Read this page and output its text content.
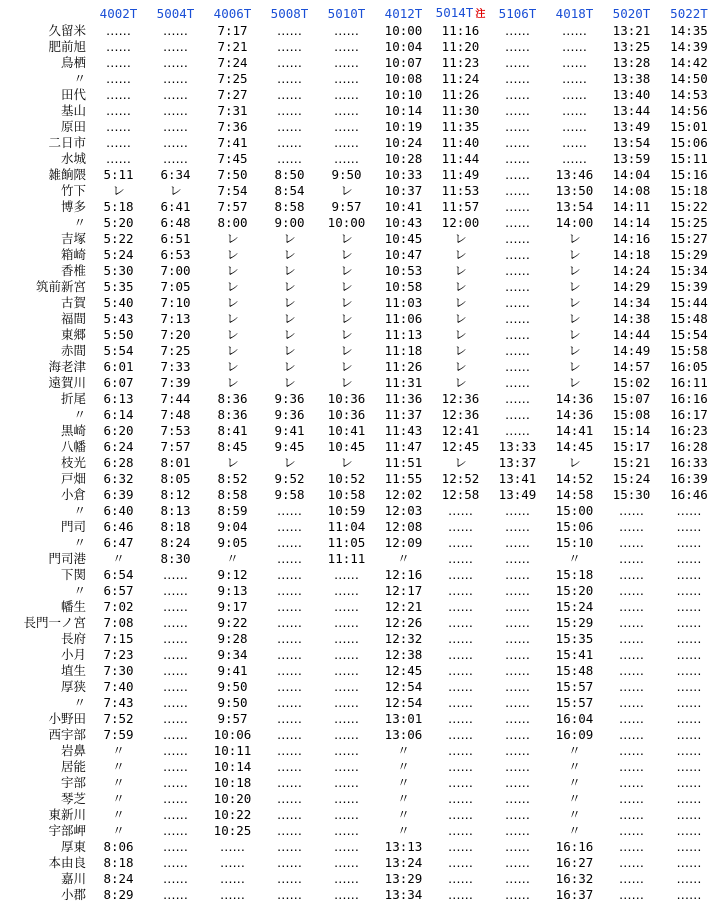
	4002T	5004T	4006T	5008T	5010T	4012T	5014T 注	5106T	4018T	5020T	5022T
久留米	‥‥‥	‥‥‥	7:17	‥‥‥	‥‥‥	10:00	11:16	‥‥‥	‥‥‥	13:21	14:35
肥前旭	‥‥‥	‥‥‥	7:21	‥‥‥	‥‥‥	10:04	11:20	‥‥‥	‥‥‥	13:25	14:39
鳥栖	‥‥‥	‥‥‥	7:24	‥‥‥	‥‥‥	10:07	11:23	‥‥‥	‥‥‥	13:28	14:42
〃	‥‥‥	‥‥‥	7:25	‥‥‥	‥‥‥	10:08	11:24	‥‥‥	‥‥‥	13:38	14:50
田代	‥‥‥	‥‥‥	7:27	‥‥‥	‥‥‥	10:10	11:26	‥‥‥	‥‥‥	13:40	14:53
基山	‥‥‥	‥‥‥	7:31	‥‥‥	‥‥‥	10:14	11:30	‥‥‥	‥‥‥	13:44	14:56
原田	‥‥‥	‥‥‥	7:36	‥‥‥	‥‥‥	10:19	11:35	‥‥‥	‥‥‥	13:49	15:01
二日市	‥‥‥	‥‥‥	7:41	‥‥‥	‥‥‥	10:24	11:40	‥‥‥	‥‥‥	13:54	15:06
水城	‥‥‥	‥‥‥	7:45	‥‥‥	‥‥‥	10:28	11:44	‥‥‥	‥‥‥	13:59	15:11
雑餉隈	5:11	6:34	7:50	8:50	9:50	10:33	11:49	‥‥‥	13:46	14:04	15:16
竹下	レ	レ	7:54	8:54	レ	10:37	11:53	‥‥‥	13:50	14:08	15:18
博多	5:18	6:41	7:57	8:58	9:57	10:41	11:57	‥‥‥	13:54	14:11	15:22
〃	5:20	6:48	8:00	9:00	10:00	10:43	12:00	‥‥‥	14:00	14:14	15:25
吉塚	5:22	6:51	レ	レ	レ	10:45	レ	‥‥‥	レ	14:16	15:27
箱崎	5:24	6:53	レ	レ	レ	10:47	レ	‥‥‥	レ	14:18	15:29
香椎	5:30	7:00	レ	レ	レ	10:53	レ	‥‥‥	レ	14:24	15:34
筑前新宮	5:35	7:05	レ	レ	レ	10:58	レ	‥‥‥	レ	14:29	15:39
古賀	5:40	7:10	レ	レ	レ	11:03	レ	‥‥‥	レ	14:34	15:44
福間	5:43	7:13	レ	レ	レ	11:06	レ	‥‥‥	レ	14:38	15:48
東郷	5:50	7:20	レ	レ	レ	11:13	レ	‥‥‥	レ	14:44	15:54
赤間	5:54	7:25	レ	レ	レ	11:18	レ	‥‥‥	レ	14:49	15:58
海老津	6:01	7:33	レ	レ	レ	11:26	レ	‥‥‥	レ	14:57	16:05
遠賀川	6:07	7:39	レ	レ	レ	11:31	レ	‥‥‥	レ	15:02	16:11
折尾	6:13	7:44	8:36	9:36	10:36	11:36	12:36	‥‥‥	14:36	15:07	16:16
〃	6:14	7:48	8:36	9:36	10:36	11:37	12:36	‥‥‥	14:36	15:08	16:17
黒崎	6:20	7:53	8:41	9:41	10:41	11:43	12:41	‥‥‥	14:41	15:14	16:23
八幡	6:24	7:57	8:45	9:45	10:45	11:47	12:45	13:33	14:45	15:17	16:28
枝光	6:28	8:01	レ	レ	レ	11:51	レ	13:37	レ	15:21	16:33
戸畑	6:32	8:05	8:52	9:52	10:52	11:55	12:52	13:41	14:52	15:24	16:39
小倉	6:39	8:12	8:58	9:58	10:58	12:02	12:58	13:49	14:58	15:30	16:46
〃	6:40	8:13	8:59	‥‥‥	10:59	12:03	‥‥‥	‥‥‥	15:00	‥‥‥	‥‥‥
門司	6:46	8:18	9:04	‥‥‥	11:04	12:08	‥‥‥	‥‥‥	15:06	‥‥‥	‥‥‥
〃	6:47	8:24	9:05	‥‥‥	11:05	12:09	‥‥‥	‥‥‥	15:10	‥‥‥	‥‥‥
門司港	〃	8:30	〃	‥‥‥	11:11	〃	‥‥‥	‥‥‥	〃	‥‥‥	‥‥‥
下関	6:54	‥‥‥	9:12	‥‥‥	‥‥‥	12:16	‥‥‥	‥‥‥	15:18	‥‥‥	‥‥‥
〃	6:57	‥‥‥	9:13	‥‥‥	‥‥‥	12:17	‥‥‥	‥‥‥	15:20	‥‥‥	‥‥‥
幡生	7:02	‥‥‥	9:17	‥‥‥	‥‥‥	12:21	‥‥‥	‥‥‥	15:24	‥‥‥	‥‥‥
長門一ノ宮	7:08	‥‥‥	9:22	‥‥‥	‥‥‥	12:26	‥‥‥	‥‥‥	15:29	‥‥‥	‥‥‥
長府	7:15	‥‥‥	9:28	‥‥‥	‥‥‥	12:32	‥‥‥	‥‥‥	15:35	‥‥‥	‥‥‥
小月	7:23	‥‥‥	9:34	‥‥‥	‥‥‥	12:38	‥‥‥	‥‥‥	15:41	‥‥‥	‥‥‥
埴生	7:30	‥‥‥	9:41	‥‥‥	‥‥‥	12:45	‥‥‥	‥‥‥	15:48	‥‥‥	‥‥‥
厚狭	7:40	‥‥‥	9:50	‥‥‥	‥‥‥	12:54	‥‥‥	‥‥‥	15:57	‥‥‥	‥‥‥
〃	7:43	‥‥‥	9:50	‥‥‥	‥‥‥	12:54	‥‥‥	‥‥‥	15:57	‥‥‥	‥‥‥
小野田	7:52	‥‥‥	9:57	‥‥‥	‥‥‥	13:01	‥‥‥	‥‥‥	16:04	‥‥‥	‥‥‥
西宇部	7:59	‥‥‥	10:06	‥‥‥	‥‥‥	13:06	‥‥‥	‥‥‥	16:09	‥‥‥	‥‥‥
岩鼻	〃	‥‥‥	10:11	‥‥‥	‥‥‥	〃	‥‥‥	‥‥‥	〃	‥‥‥	‥‥‥
居能	〃	‥‥‥	10:14	‥‥‥	‥‥‥	〃	‥‥‥	‥‥‥	〃	‥‥‥	‥‥‥
宇部	〃	‥‥‥	10:18	‥‥‥	‥‥‥	〃	‥‥‥	‥‥‥	〃	‥‥‥	‥‥‥
琴芝	〃	‥‥‥	10:20	‥‥‥	‥‥‥	〃	‥‥‥	‥‥‥	〃	‥‥‥	‥‥‥
東新川	〃	‥‥‥	10:22	‥‥‥	‥‥‥	〃	‥‥‥	‥‥‥	〃	‥‥‥	‥‥‥
宇部岬	〃	‥‥‥	10:25	‥‥‥	‥‥‥	〃	‥‥‥	‥‥‥	〃	‥‥‥	‥‥‥
厚東	8:06	‥‥‥	‥‥‥	‥‥‥	‥‥‥	13:13	‥‥‥	‥‥‥	16:16	‥‥‥	‥‥‥
本由良	8:18	‥‥‥	‥‥‥	‥‥‥	‥‥‥	13:24	‥‥‥	‥‥‥	16:27	‥‥‥	‥‥‥
嘉川	8:24	‥‥‥	‥‥‥	‥‥‥	‥‥‥	13:29	‥‥‥	‥‥‥	16:32	‥‥‥	‥‥‥
小郡	8:29	‥‥‥	‥‥‥	‥‥‥	‥‥‥	13:34	‥‥‥	‥‥‥	16:37	‥‥‥	‥‥‥
